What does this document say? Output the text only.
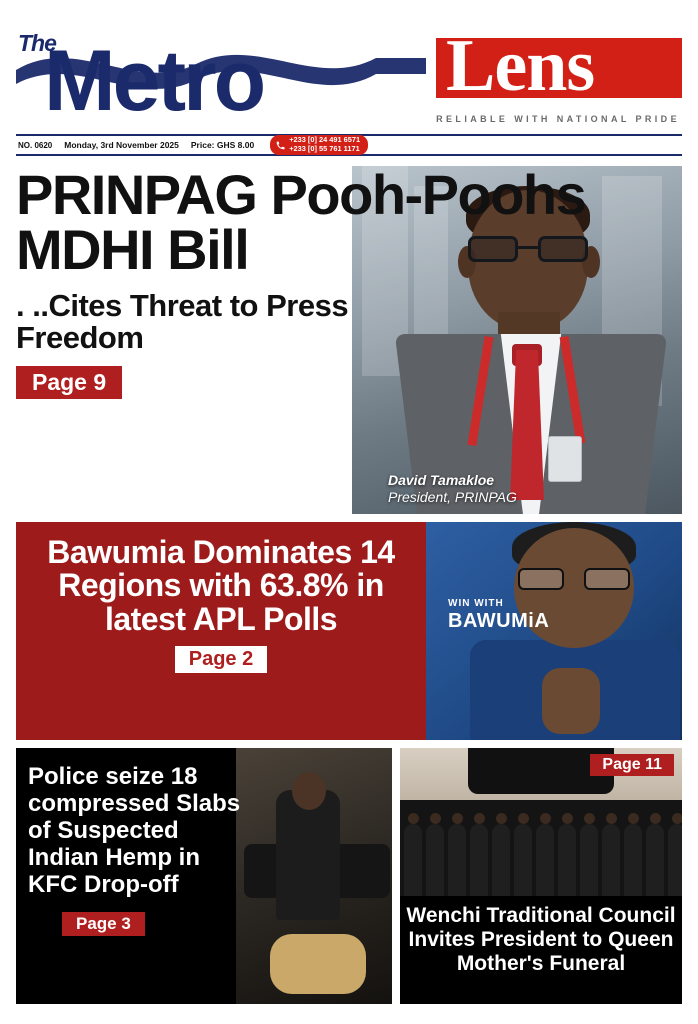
The
Metro Lens
RELIABLE WITH NATIONAL PRIDE
NO. 0620 Monday, 3rd November 2025 Price: GHS 8.00
+233 [0] 24 491 6571
+233 [0] 55 761 1171
PRINPAG Pooh-Poohs MDHI Bill
. ..Cites Threat to Press Freedom
Page 9
David Tamakloe
President, PRINPAG
Bawumia Dominates 14 Regions with 63.8% in latest APL Polls
Page 2
WIN WITH
BAWUMiA
Police seize 18 compressed Slabs of Suspected Indian Hemp in KFC Drop-off
Page 3
Page 11
Wenchi Traditional Council Invites President to Queen Mother's Funeral
